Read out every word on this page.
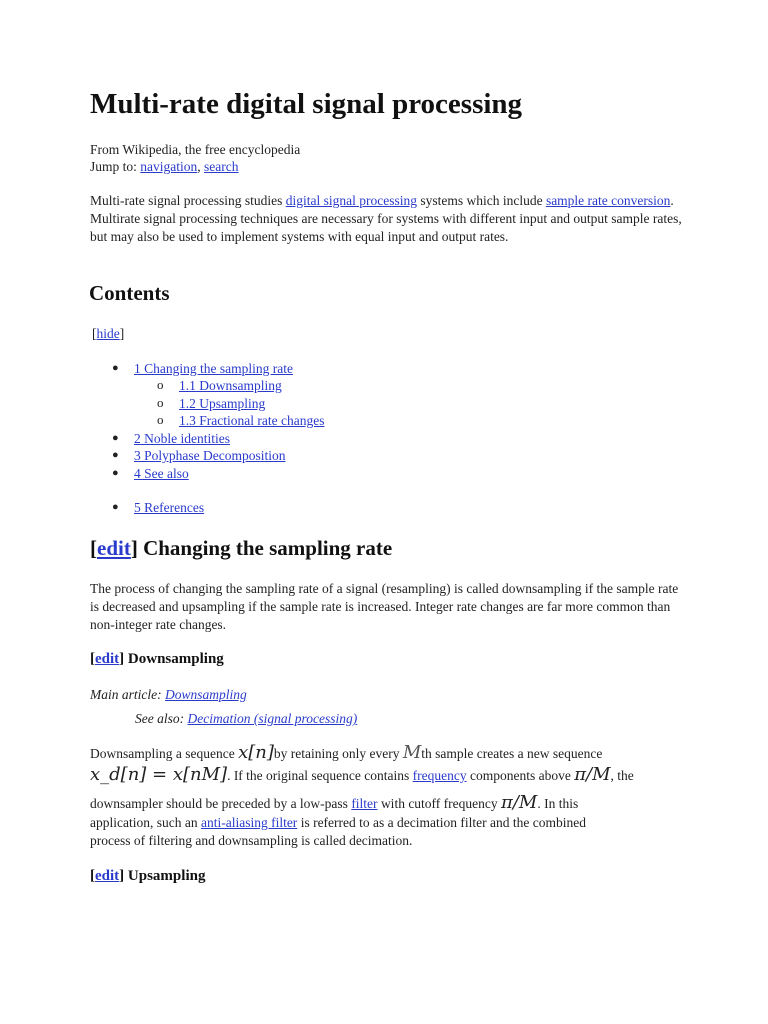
Multi-rate digital signal processing
From Wikipedia, the free encyclopedia
Jump to: navigation, search
Multi-rate signal processing studies digital signal processing systems which include sample rate conversion. Multirate signal processing techniques are necessary for systems with different input and output sample rates, but may also be used to implement systems with equal input and output rates.
Contents
[hide]
● 1 Changing the sampling rate
o 1.1 Downsampling
o 1.2 Upsampling
o 1.3 Fractional rate changes
● 2 Noble identities
● 3 Polyphase Decomposition
● 4 See also
● 5 References
[edit] Changing the sampling rate
The process of changing the sampling rate of a signal (resampling) is called downsampling if the sample rate is decreased and upsampling if the sample rate is increased. Integer rate changes are far more common than non-integer rate changes.
[edit] Downsampling
Main article: Downsampling
See also: Decimation (signal processing)
Downsampling a sequence x[n]by retaining only every Mth sample creates a new sequence
x_d[n] = x[nM]. If the original sequence contains frequency components above π/M, the
downsampler should be preceded by a low-pass filter with cutoff frequency π/M. In this
application, such an anti-aliasing filter is referred to as a decimation filter and the combined
process of filtering and downsampling is called decimation.
[edit] Upsampling
